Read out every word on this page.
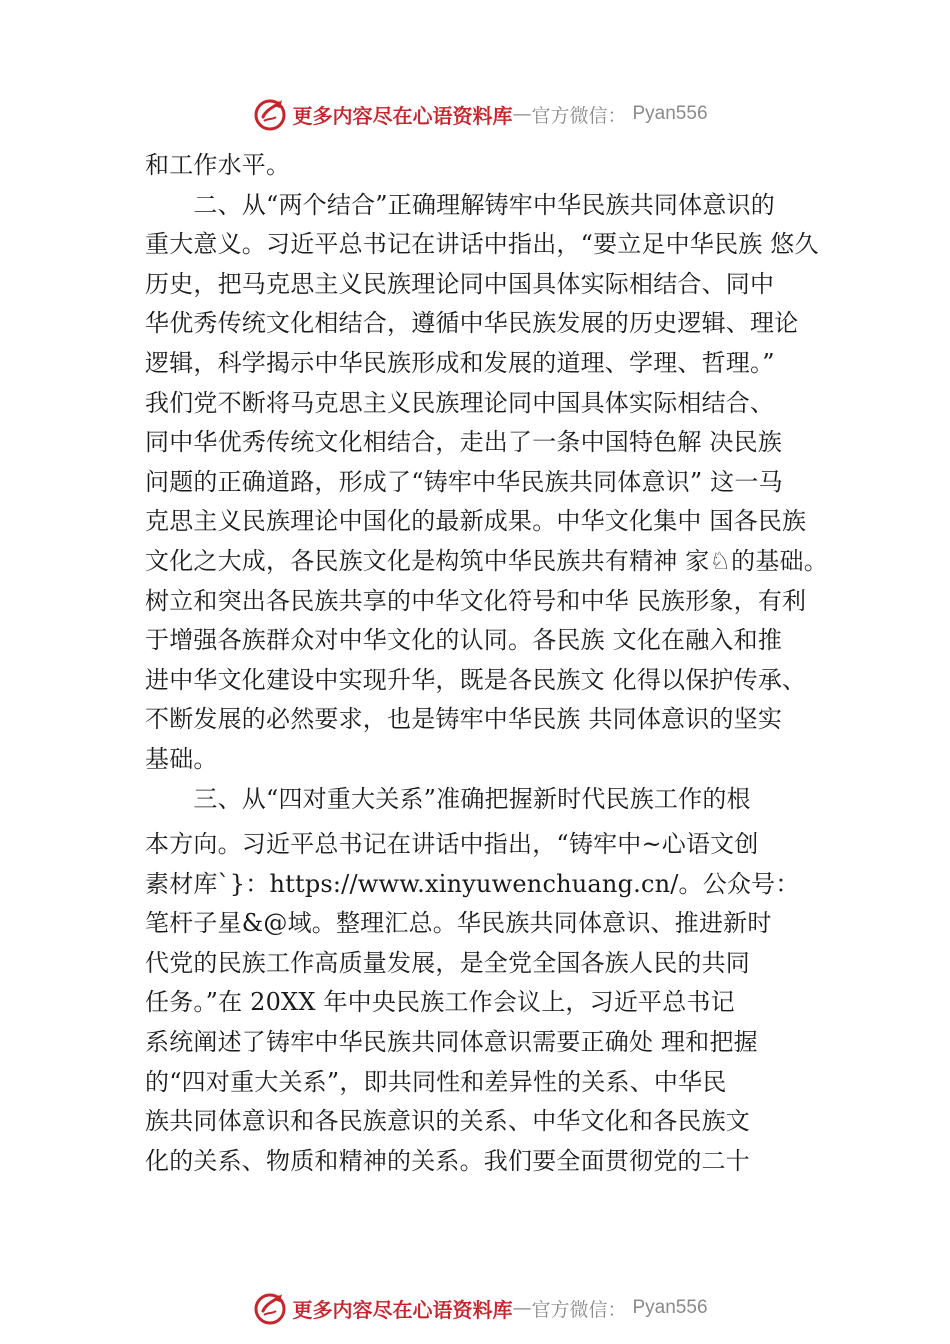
更多内容尽在心语资料库 — 官方微信： Pyan556
和工作水平。
　　二、从“两个结合”正确理解铸牢中华民族共同体意识的
重大意义。习近平总书记在讲话中指出，“要立足中华民族 悠久
历史，把马克思主义民族理论同中国具体实际相结合、同中
华优秀传统文化相结合，遵循中华民族发展的历史逻辑、理论
逻辑，科学揭示中华民族形成和发展的道理、学理、哲理。”
我们党不断将马克思主义民族理论同中国具体实际相结合、
同中华优秀传统文化相结合，走出了一条中国特色解 决民族
问题的正确道路，形成了“铸牢中华民族共同体意识” 这一马
克思主义民族理论中国化的最新成果。中华文化集中 国各民族
文化之大成，各民族文化是构筑中华民族共有精神 家♘的基础。
树立和突出各民族共享的中华文化符号和中华 民族形象，有利
于增强各族群众对中华文化的认同。各民族 文化在融入和推
进中华文化建设中实现升华，既是各民族文 化得以保护传承、
不断发展的必然要求，也是铸牢中华民族 共同体意识的坚实
基础。
　　三、从“四对重大关系”准确把握新时代民族工作的根
本方向。习近平总书记在讲话中指出，“铸牢中~心语文创
素材库`}：https://www.xinyuwenchuang.cn/。公众号：
笔杆子星&@域。整理汇总。华民族共同体意识、推进新时
代党的民族工作高质量发展，是全党全国各族人民的共同
任务。”在 20XX 年中央民族工作会议上，习近平总书记
系统阐述了铸牢中华民族共同体意识需要正确处 理和把握
的“四对重大关系”，即共同性和差异性的关系、中华民
族共同体意识和各民族意识的关系、中华文化和各民族文
化的关系、物质和精神的关系。我们要全面贯彻党的二十
更多内容尽在心语资料库 — 官方微信： Pyan556
